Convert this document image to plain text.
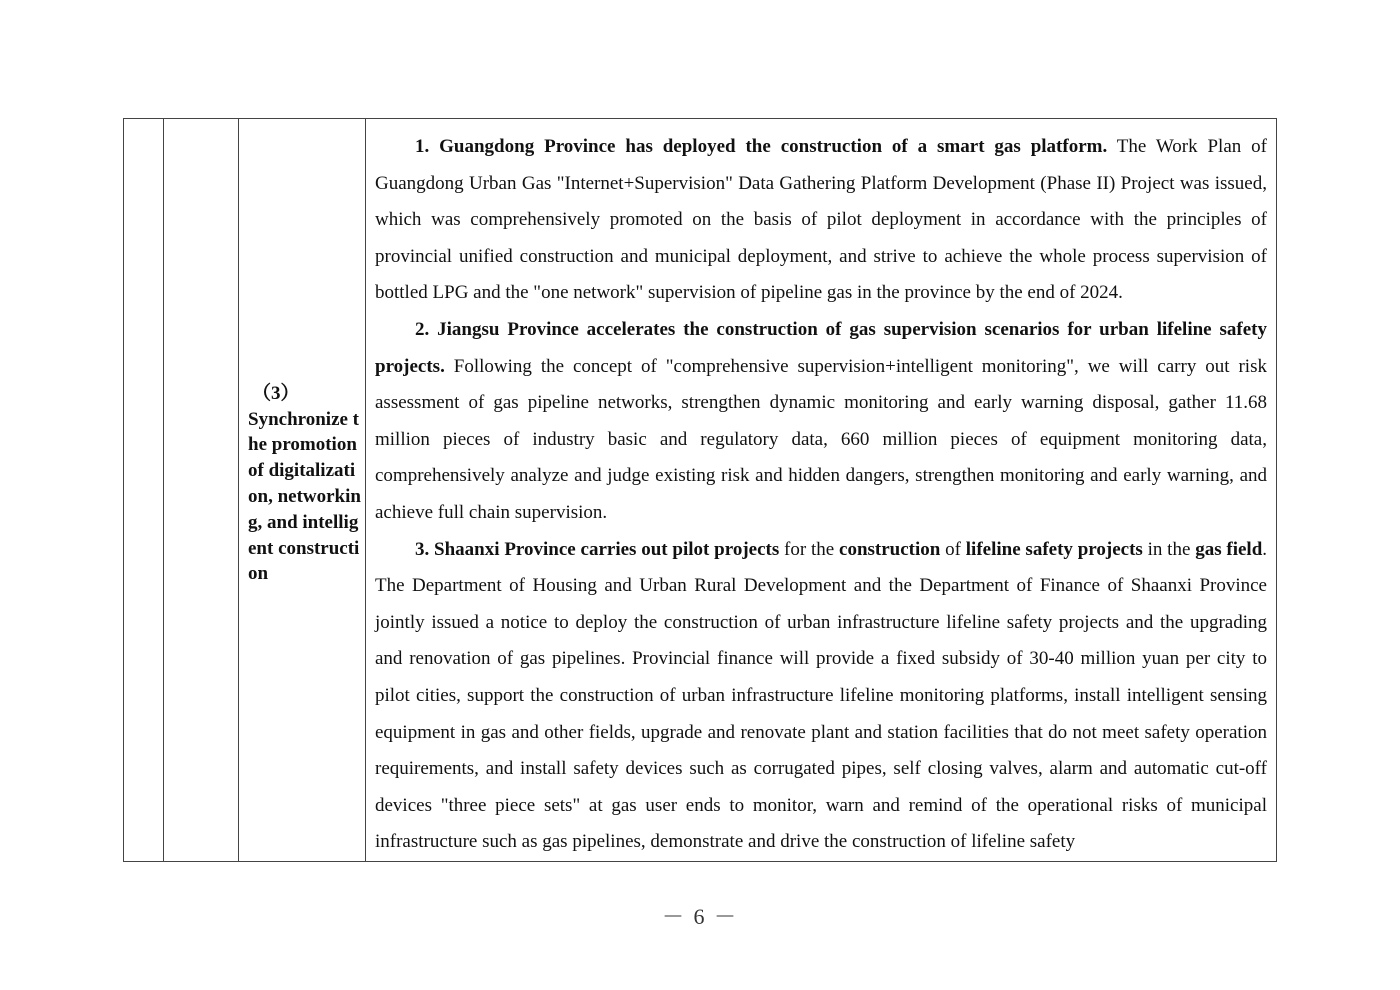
（3）
Synchronize the promotion of digitalization, networking, and intelligent construction

1. Guangdong Province has deployed the construction of a smart gas platform. The Work Plan of Guangdong Urban Gas "Internet+Supervision" Data Gathering Platform Development (Phase II) Project was issued, which was comprehensively promoted on the basis of pilot deployment in accordance with the principles of provincial unified construction and municipal deployment, and strive to achieve the whole process supervision of bottled LPG and the "one network" supervision of pipeline gas in the province by the end of 2024.

2. Jiangsu Province accelerates the construction of gas supervision scenarios for urban lifeline safety projects. Following the concept of "comprehensive supervision+intelligent monitoring", we will carry out risk assessment of gas pipeline networks, strengthen dynamic monitoring and early warning disposal, gather 11.68 million pieces of industry basic and regulatory data, 660 million pieces of equipment monitoring data, comprehensively analyze and judge existing risk and hidden dangers, strengthen monitoring and early warning, and achieve full chain supervision.

3. Shaanxi Province carries out pilot projects for the construction of lifeline safety projects in the gas field. The Department of Housing and Urban Rural Development and the Department of Finance of Shaanxi Province jointly issued a notice to deploy the construction of urban infrastructure lifeline safety projects and the upgrading and renovation of gas pipelines. Provincial finance will provide a fixed subsidy of 30-40 million yuan per city to pilot cities, support the construction of urban infrastructure lifeline monitoring platforms, install intelligent sensing equipment in gas and other fields, upgrade and renovate plant and station facilities that do not meet safety operation requirements, and install safety devices such as corrugated pipes, self closing valves, alarm and automatic cut-off devices "three piece sets" at gas user ends to monitor, warn and remind of the operational risks of municipal infrastructure such as gas pipelines, demonstrate and drive the construction of lifeline safety

－ 6 －
